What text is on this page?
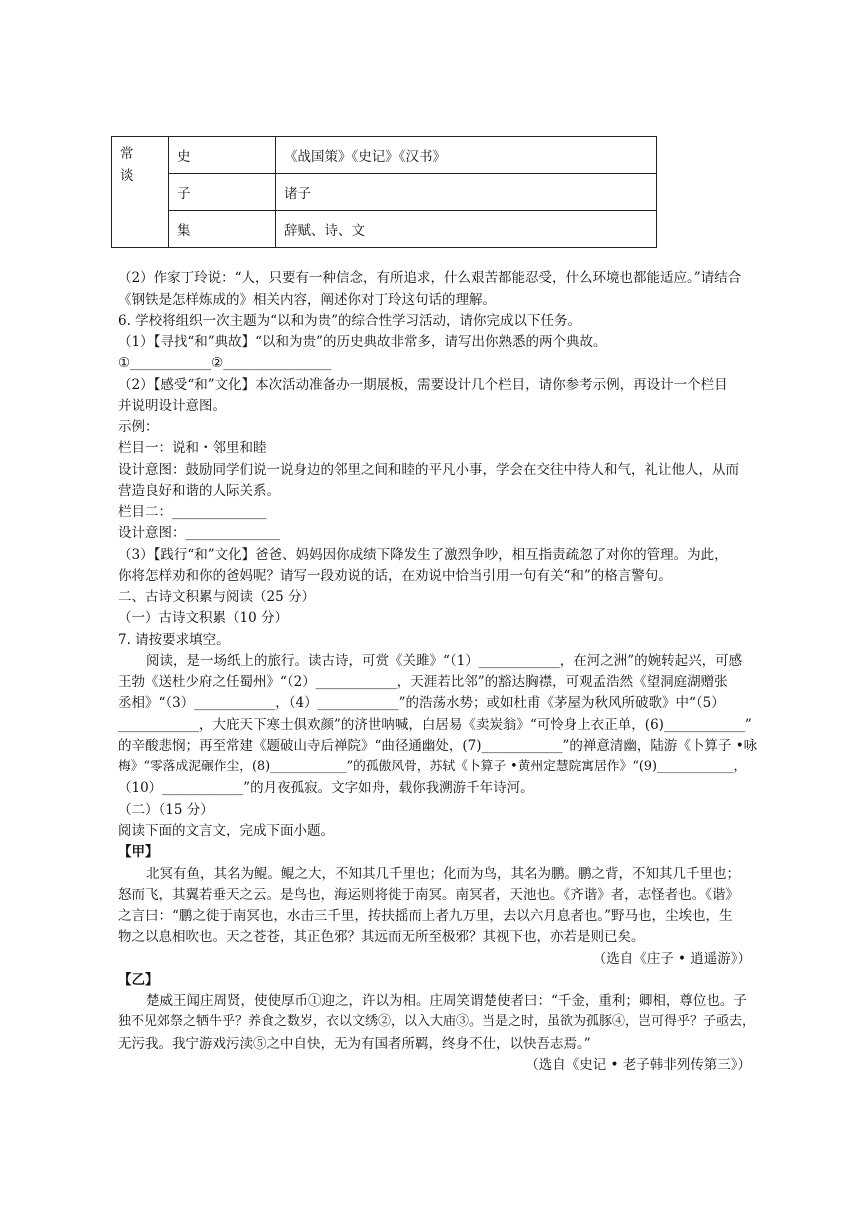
常
谈	史	《战国策》《史记》《汉书》
	子	诸子
	集	辞赋、诗、文
（2）作家丁玲说：“人，只要有一种信念，有所追求，什么艰苦都能忍受，什么环境也都能适应。”请结合
《钢铁是怎样炼成的》相关内容，阐述你对丁玲这句话的理解。
6. 学校将组织一次主题为“以和为贵”的综合性学习活动，请你完成以下任务。
（1）【寻找“和”典故】“以和为贵”的历史典故非常多，请写出你熟悉的两个典故。
①____________②________________
（2）【感受“和”文化】本次活动准备办一期展板，需要设计几个栏目，请你参考示例，再设计一个栏目
并说明设计意图。
示例：
栏目一：说和・邻里和睦
设计意图：鼓励同学们说一说身边的邻里之间和睦的平凡小事，学会在交往中待人和气，礼让他人，从而
营造良好和谐的人际关系。
栏目二：______________
设计意图：______________
（3）【践行“和”文化】爸爸、妈妈因你成绩下降发生了激烈争吵，相互指责疏忽了对你的管理。为此，
你将怎样劝和你的爸妈呢？请写一段劝说的话，在劝说中恰当引用一句有关“和”的格言警句。
二、古诗文积累与阅读（25 分）
（一）古诗文积累（10 分）
7. 请按要求填空。
阅读，是一场纸上的旅行。读古诗，可赏《关雎》“（1）____________，在河之洲”的婉转起兴，可感
王勃《送杜少府之任蜀州》“（2）____________，天涯若比邻”的豁达胸襟，可观孟浩然《望洞庭湖赠张
丞相》“（3）____________，（4）____________”的浩荡水势；或如杜甫《茅屋为秋风所破歌》中“（5）
____________，大庇天下寒士俱欢颜”的济世呐喊，白居易《卖炭翁》“可怜身上衣正单，(6)____________”
的辛酸悲悯；再至常建《题破山寺后禅院》“曲径通幽处，(7)____________”的禅意清幽，陆游《卜算子 •咏
梅》“零落成泥碾作尘，(8)____________”的孤傲风骨，苏轼《卜算子 •黄州定慧院寓居作》“(9)____________，
（10）____________”的月夜孤寂。文字如舟，载你我溯游千年诗河。
（二）（15 分）
阅读下面的文言文，完成下面小题。
【甲】
北冥有鱼，其名为鲲。鲲之大，不知其几千里也；化而为鸟，其名为鹏。鹏之背，不知其几千里也；
怒而飞，其翼若垂天之云。是鸟也，海运则将徙于南冥。南冥者，天池也。《齐谐》者，志怪者也。《谐》
之言曰：“鹏之徙于南冥也，水击三千里，抟扶摇而上者九万里，去以六月息者也。”野马也，尘埃也，生
物之以息相吹也。天之苍苍，其正色邪？其远而无所至极邪？其视下也，亦若是则已矣。
（选自《庄子 • 逍遥游》）
【乙】
楚威王闻庄周贤，使使厚币①迎之，许以为相。庄周笑谓楚使者曰：“千金，重利；卿相，尊位也。子
独不见郊祭之牺牛乎？养食之数岁，衣以文绣②，以入大庙③。当是之时，虽欲为孤豚④，岂可得乎？子亟去，
无污我。我宁游戏污渎⑤之中自快，无为有国者所羁，终身不仕，以快吾志焉。”
（选自《史记 • 老子韩非列传第三》）
